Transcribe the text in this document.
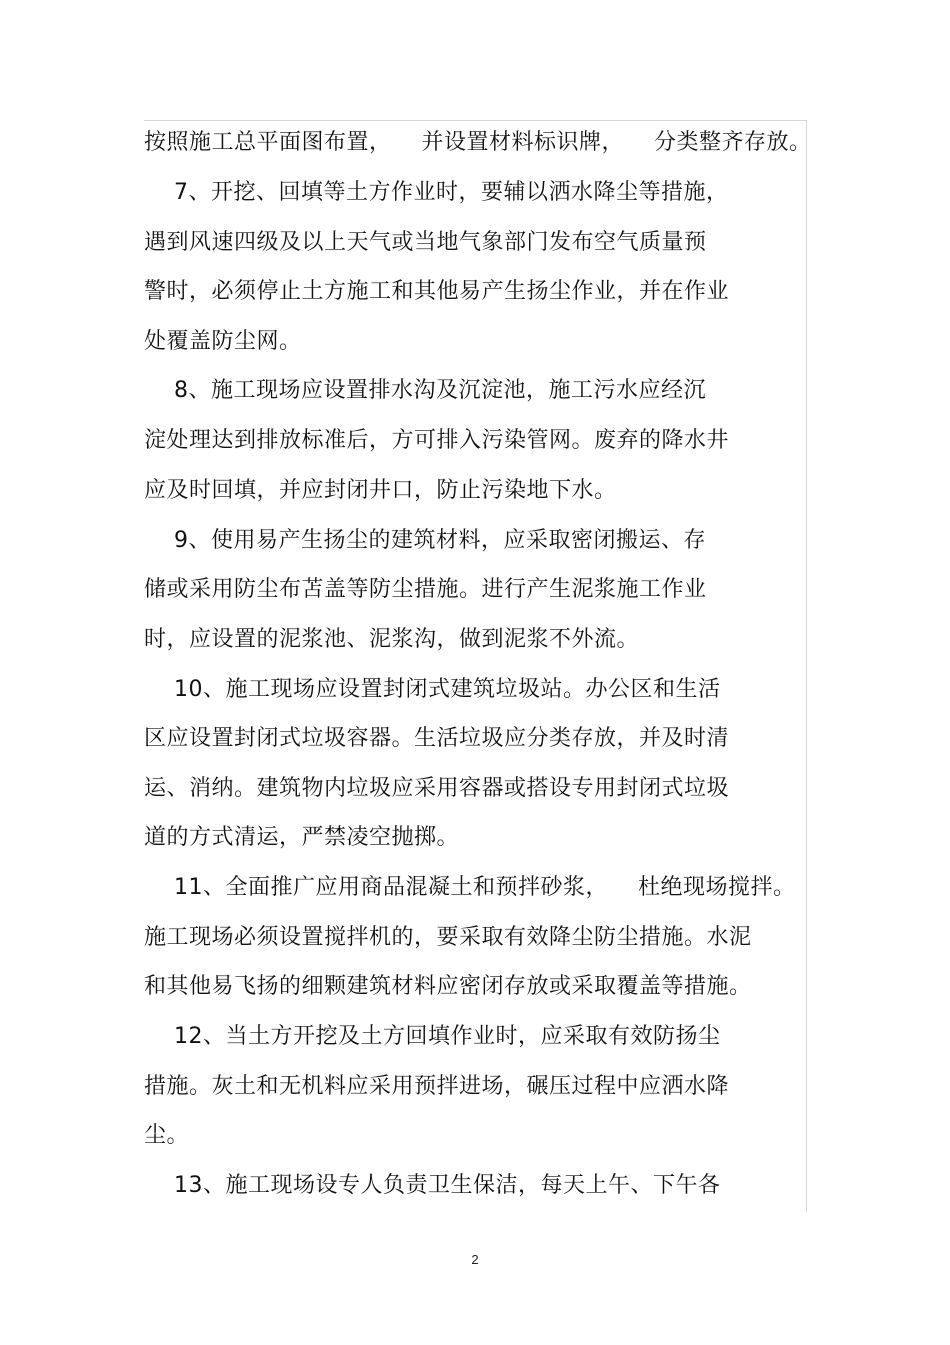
按照施工总平面图布置，    并设置材料标识牌，    分类整齐存放。
7、开挖、回填等土方作业时，要辅以洒水降尘等措施，
遇到风速四级及以上天气或当地气象部门发布空气质量预
警时，必须停止土方施工和其他易产生扬尘作业，并在作业
处覆盖防尘网。
8、施工现场应设置排水沟及沉淀池，施工污水应经沉
淀处理达到排放标准后，方可排入污染管网。废弃的降水井
应及时回填，并应封闭井口，防止污染地下水。
9、使用易产生扬尘的建筑材料，应采取密闭搬运、存
储或采用防尘布苫盖等防尘措施。进行产生泥浆施工作业
时，应设置的泥浆池、泥浆沟，做到泥浆不外流。
10、施工现场应设置封闭式建筑垃圾站。办公区和生活
区应设置封闭式垃圾容器。生活垃圾应分类存放，并及时清
运、消纳。建筑物内垃圾应采用容器或搭设专用封闭式垃圾
道的方式清运，严禁凌空抛掷。
11、全面推广应用商品混凝土和预拌砂浆，    杜绝现场搅拌。
施工现场必须设置搅拌机的，要采取有效降尘防尘措施。水泥
和其他易飞扬的细颗建筑材料应密闭存放或采取覆盖等措施。
12、当土方开挖及土方回填作业时，应采取有效防扬尘
措施。灰土和无机料应采用预拌进场，碾压过程中应洒水降
尘。
13、施工现场设专人负责卫生保洁，每天上午、下午各
2
